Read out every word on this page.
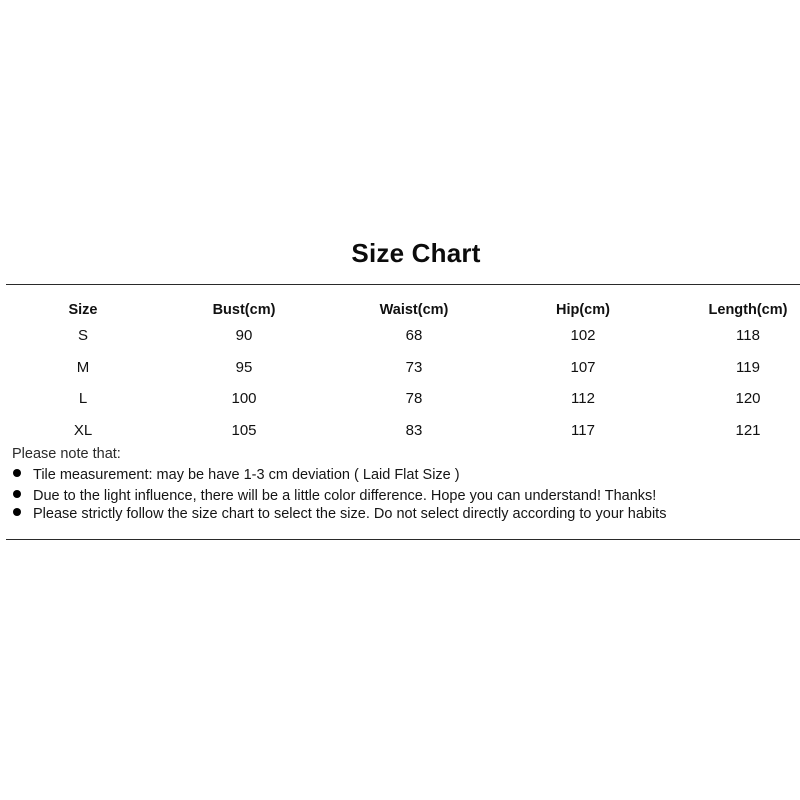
Size Chart
Size	Bust(cm)	Waist(cm)	Hip(cm)	Length(cm)
S	90	68	102	118
M	95	73	107	119
L	100	78	112	120
XL	105	83	117	121
Please note that:
Tile measurement: may be have 1-3 cm deviation ( Laid Flat Size )
Due to the light influence, there will be a little color difference. Hope you can understand! Thanks!
Please strictly follow the size chart to select the size. Do not select directly according to your habits
